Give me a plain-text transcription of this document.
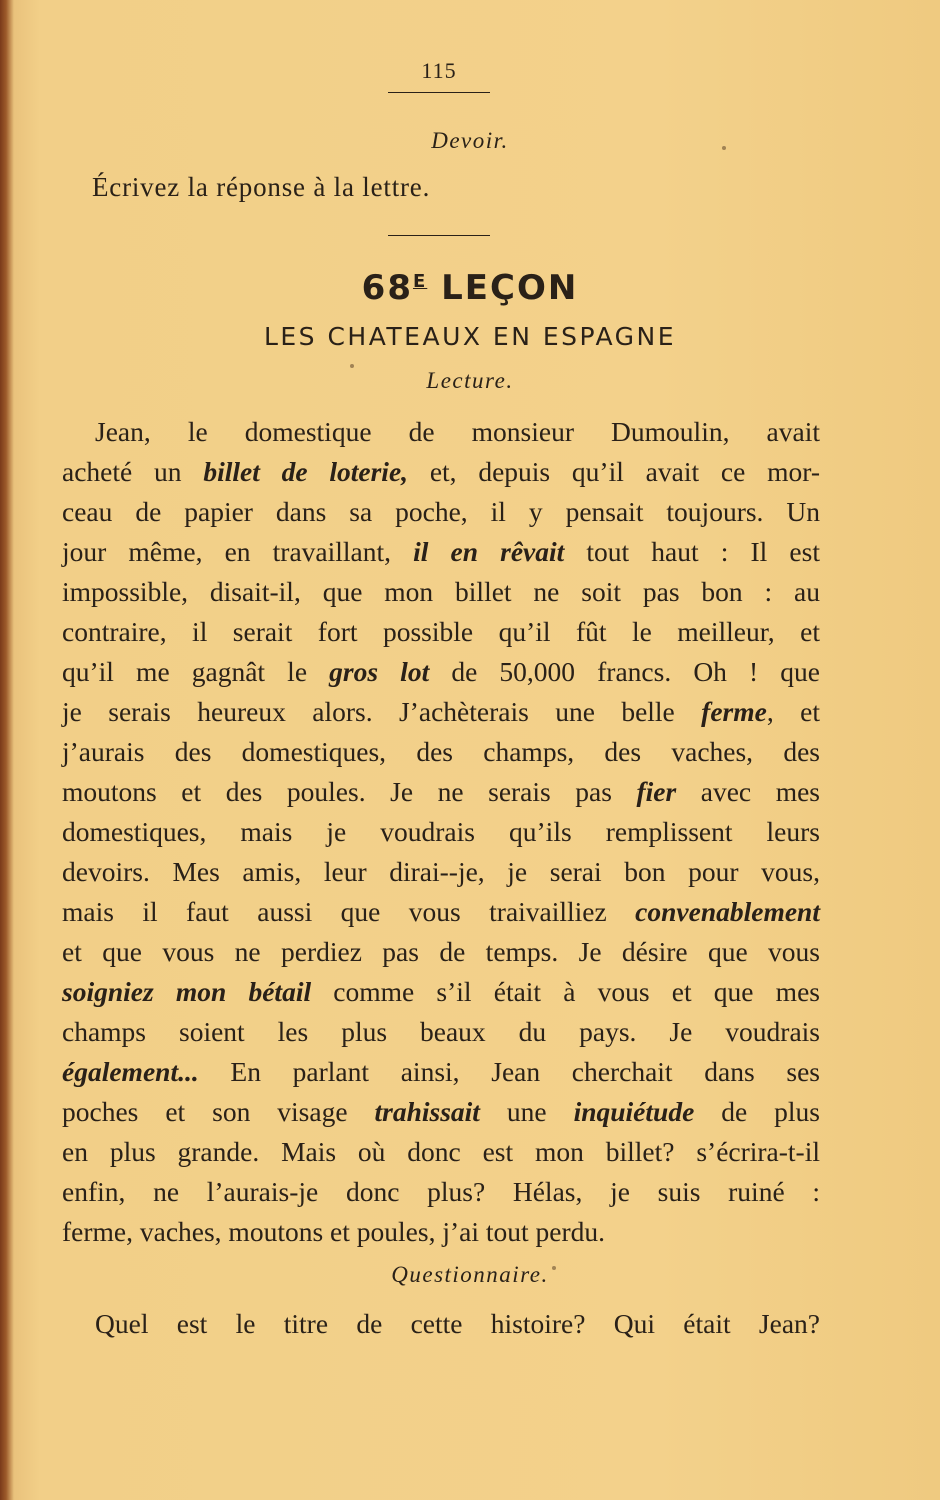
115
Devoir.
Écrivez la réponse à la lettre.
$68^E$ LEÇON
LES CHATEAUX EN ESPAGNE
Lecture.
Jean, le domestique de monsieur Dumoulin, avait
acheté un billet de loterie, et, depuis qu’il avait ce mor-
ceau de papier dans sa poche, il y pensait toujours. Un
jour même, en travaillant, il en rêvait tout haut : Il est
impossible, disait-il, que mon billet ne soit pas bon : au
contraire, il serait fort possible qu’il fût le meilleur, et
qu’il me gagnât le gros lot de 50,000 francs. Oh ! que
je serais heureux alors. J’achèterais une belle ferme, et
j’aurais des domestiques, des champs, des vaches, des
moutons et des poules. Je ne serais pas fier avec mes
domestiques, mais je voudrais qu’ils remplissent leurs
devoirs. Mes amis, leur dirai--je, je serai bon pour vous,
mais il faut aussi que vous traivailliez convenablement
et que vous ne perdiez pas de temps. Je désire que vous
soigniez mon bétail comme s’il était à vous et que mes
champs soient les plus beaux du pays. Je voudrais
également... En parlant ainsi, Jean cherchait dans ses
poches et son visage trahissait une inquiétude de plus
en plus grande. Mais où donc est mon billet? s’écrira-t-il
enfin, ne l’aurais-je donc plus? Hélas, je suis ruiné :
ferme, vaches, moutons et poules, j’ai tout perdu.
Questionnaire.
Quel est le titre de cette histoire? Qui était Jean?
